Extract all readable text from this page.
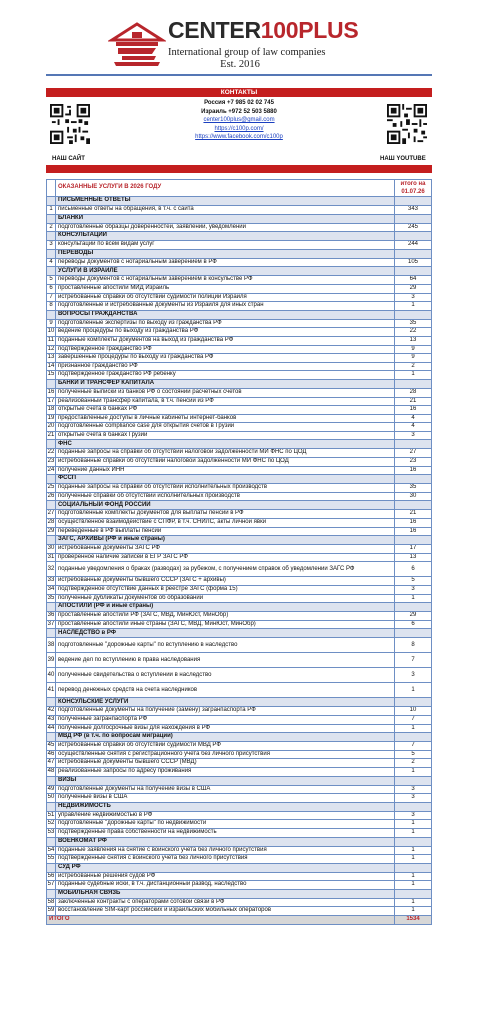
CENTER100PLUS
International group of law companies
Est. 2016
КОНТАКТЫ
НАШ САЙТ	НАШ YOUTUBE
Россия +7 985 02 02 745
Израиль +972 52 503 5880
center100plus@gmail.com
https://c100p.com/
https://www.facebook.com/c100p
	ОКАЗАННЫЕ УСЛУГИ В 2026 ГОДУ	итого на 01.07.26
	ПИСЬМЕННЫЕ ОТВЕТЫ	
1	письменные ответы на обращения, в т.ч. с сайта	343
	БЛАНКИ	
2	подготовленные образцы доверенностей, заявлений, уведомлений	245
	КОНСУЛЬТАЦИИ	
3	консультации по всем видам услуг	244
	ПЕРЕВОДЫ	
4	переводы документов с нотариальным заверением в РФ	105
	УСЛУГИ В ИЗРАИЛЕ	
5	переводы документов с нотариальным заверением в консульстве РФ	64
6	проставленные апостили МИД Израиль	29
7	истребованные справки об отсутствии судимости полиции Израиля	3
8	подготовленные и истребованные документы из Израиля для иных стран	1
	ВОПРОСЫ ГРАЖДАНСТВА	
9	подготовленные экспертизы по выходу из гражданства РФ	35
10	ведение процедуры по выходу из гражданства РФ	22
11	поданные комплекты документов на выход из гражданства РФ	13
12	подтвержденное гражданство РФ	9
13	завершенные процедуры по выходу из гражданства РФ	9
14	признанное гражданство РФ	2
15	подтвержденное гражданство РФ ребенку	1
	БАНКИ И ТРАНСФЕР КАПИТАЛА	
16	полученные выписки из банков РФ о состоянии расчетных счетов	28
17	реализованный трансфер капитала, в т.ч. пенсии из РФ	21
18	открытые счета в банках РФ	16
19	предоставленные доступы в личные кабинеты интернет-банков	4
20	подготовленные compliance case для открытия счетов в Грузии	4
21	открытые счета в банках Грузии	3
	ФНС	
22	поданные запросы на справки об отсутствии налоговой задолженности МИ ФНС по ЦОД	27
23	истребованные справки об отсутствии налоговой задолженности МИ ФНС по ЦОД	23
24	получение данных ИНН	16
	ФССП	
25	поданные запросы на справки об отсутствии исполнительных производств	35
26	полученные справки об отсутствии исполнительных производств	30
	СОЦИАЛЬНЫЙ ФОНД РОССИИ	
27	подготовленные комплекты документов для выплаты пенсий в РФ	21
28	осуществленное взаимодействие с СПФР, в т.ч. СНИЛС, акты личной явки	16
29	переведенные в РФ выплаты пенсии	16
	ЗАГС, АРХИВЫ (РФ и иные страны)	
30	истребованные документы ЗАГС РФ	17
31	проверенное наличие записей в ЕГР ЗАГС РФ	13
32	поданные уведомления о браках (разводах) за рубежом, с получением справок об уведомлении ЗАГС РФ	6
33	истребованные документы бывшего СССР (ЗАГС + архивы)	5
34	подтвержденное отсутствие данных в реестре ЗАГС (форма 15)	3
35	полученные дубликаты документов об образовании	1
	АПОСТИЛИ (РФ и иные страны)	
36	проставленные апостили РФ (ЗАГС, МВД, МинЮст, МинОбр)	29
37	проставленные апостили иные страны (ЗАГС, МВД, МинЮст, МинОбр)	6
	НАСЛЕДСТВО в РФ	
38	подготовленные "дорожные карты" по вступлению в наследство	8
39	ведение дел по вступлению в права наследования	7
40	полученные свидетельства о вступлении в наследство	3
41	перевод денежных средств на счета наследников	1
	КОНСУЛЬСКИЕ УСЛУГИ	
42	подготовленные документы на получение (замену) загранпаспорта РФ	10
43	полученные загранпаспорта РФ	7
44	полученные долгосрочные визы для нахождения в РФ	1
	МВД РФ (в т.ч. по вопросам миграции)	
45	истребованные справки об отсутствии судимости МВД РФ	7
46	осуществленные снятия с регистрационного учета без личного присутствия	5
47	истребованные документы бывшего СССР (МВД)	2
48	реализованные запросы по адресу проживания	1
	ВИЗЫ	
49	подготовленные документы на получение визы в США	3
50	полученные визы в США	3
	НЕДВИЖИМОСТЬ	
51	управление недвижимостью в РФ	3
52	подготовленные "дорожные карты" по недвижимости	1
53	подтвержденные права собственности на недвижимость	1
	ВОЕНКОМАТ РФ	
54	поданные заявления на снятие с воинского учета без личного присутствия	1
55	подтвержденные снятия с воинского учета без личного присутствия	1
	СУД РФ	
56	истребованные решения судов РФ	1
57	поданные судебные иски, в т.ч. дистанционный развод, наследство	1
	МОБИЛЬНАЯ СВЯЗЬ	
58	заключенные контракты с операторами сотовой связи в РФ	1
59	восстановление SIM-карт российских и израильских мобильных операторов	1
ИТОГО		1534
